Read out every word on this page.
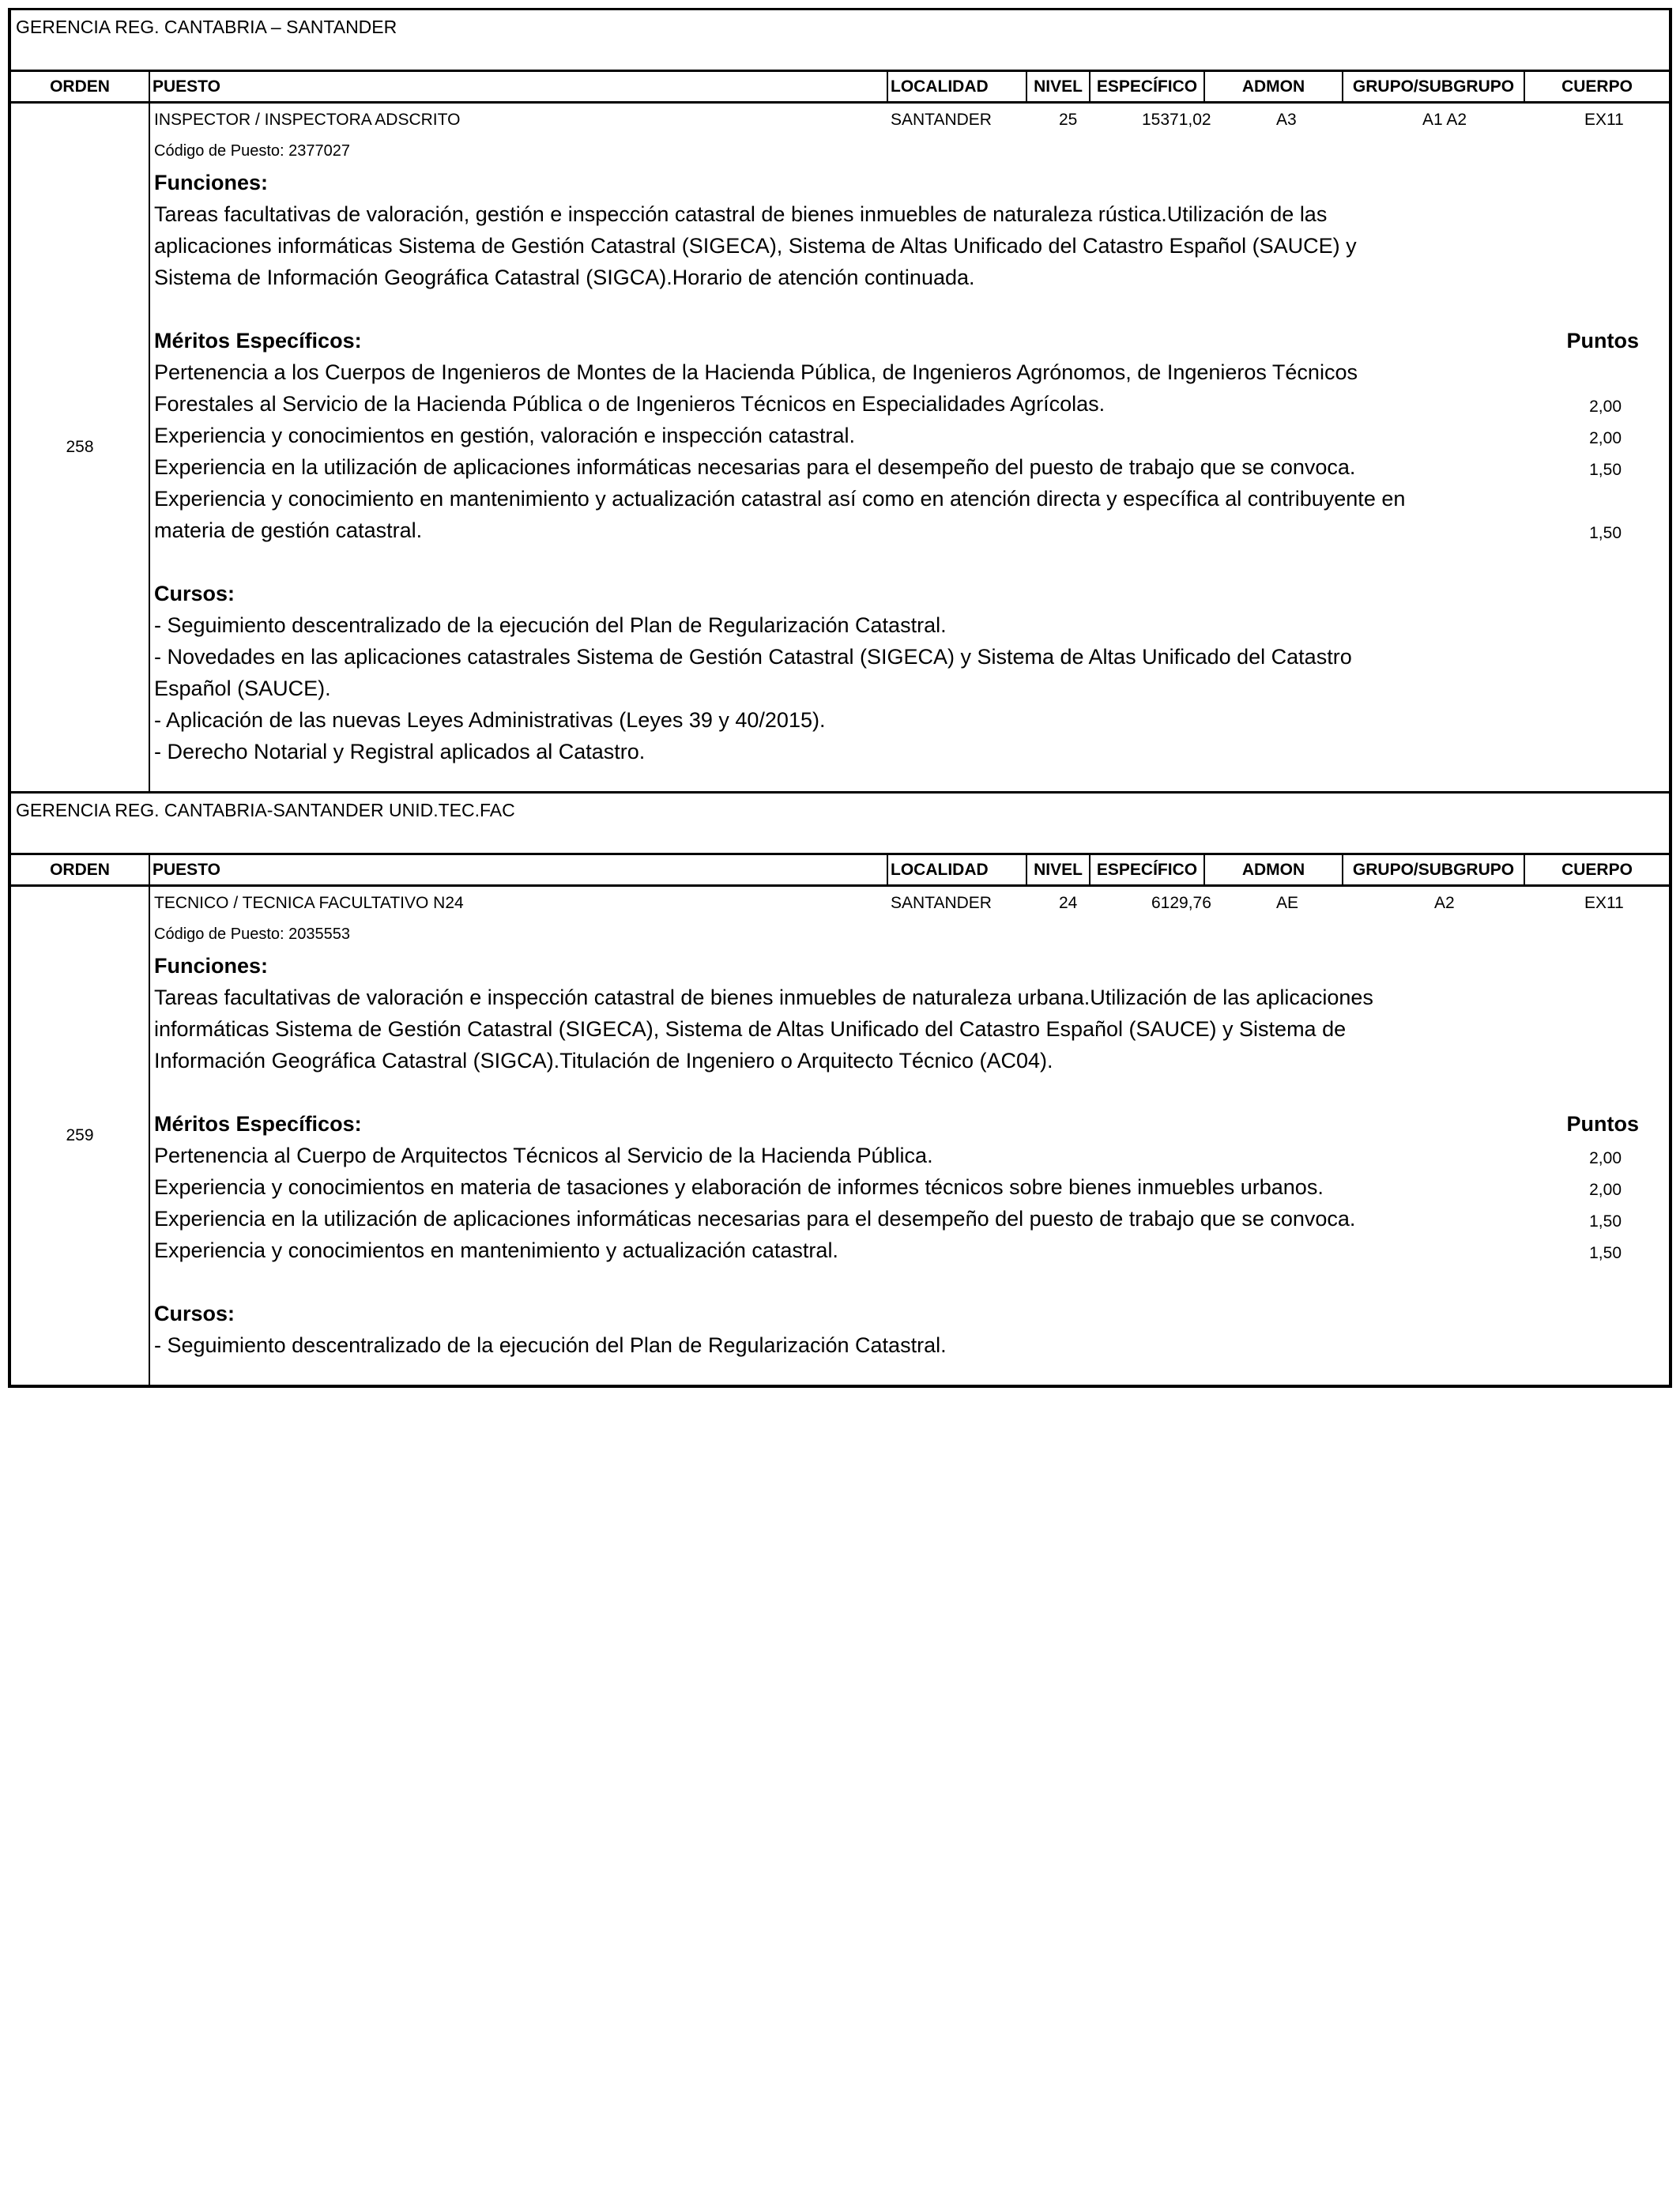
GERENCIA REG. CANTABRIA – SANTANDER
ORDEN	PUESTO	LOCALIDAD	NIVEL ESPECÍFICO	ADMON	GRUPO/SUBGRUPO	CUERPO
258
INSPECTOR / INSPECTORA ADSCRITO	SANTANDER	25	15371,02	A3	A1 A2	EX11
Código de Puesto: 2377027
Funciones:
Tareas facultativas de valoración, gestión e inspección catastral de bienes inmuebles de naturaleza rústica.Utilización de las aplicaciones informáticas Sistema de Gestión Catastral (SIGECA), Sistema de Altas Unificado del Catastro Español (SAUCE) y Sistema de Información Geográfica Catastral (SIGCA).Horario de atención continuada.
Méritos Específicos:	Puntos
Pertenencia a los Cuerpos de Ingenieros de Montes de la Hacienda Pública, de Ingenieros Agrónomos, de Ingenieros Técnicos Forestales al Servicio de la Hacienda Pública o de Ingenieros Técnicos en Especialidades Agrícolas.	2,00
Experiencia y conocimientos en gestión, valoración e inspección catastral.	2,00
Experiencia en la utilización de aplicaciones informáticas necesarias para el desempeño del puesto de trabajo que se convoca.	1,50
Experiencia y conocimiento en mantenimiento y actualización catastral así como en atención directa y específica al contribuyente en materia de gestión catastral.	1,50
Cursos:
- Seguimiento descentralizado de la ejecución del Plan de Regularización Catastral.
- Novedades en las aplicaciones catastrales Sistema de Gestión Catastral (SIGECA) y Sistema de Altas Unificado del Catastro Español (SAUCE).
- Aplicación de las nuevas Leyes Administrativas (Leyes 39 y 40/2015).
- Derecho Notarial y Registral aplicados al Catastro.
GERENCIA REG. CANTABRIA-SANTANDER UNID.TEC.FAC
ORDEN	PUESTO	LOCALIDAD	NIVEL ESPECÍFICO	ADMON	GRUPO/SUBGRUPO	CUERPO
259
TECNICO / TECNICA FACULTATIVO N24	SANTANDER	24	6129,76	AE	A2	EX11
Código de Puesto: 2035553
Funciones:
Tareas facultativas de valoración e inspección catastral de bienes inmuebles de naturaleza urbana.Utilización de las aplicaciones informáticas Sistema de Gestión Catastral (SIGECA), Sistema de Altas Unificado del Catastro Español (SAUCE) y Sistema de Información Geográfica Catastral (SIGCA).Titulación de Ingeniero o Arquitecto Técnico (AC04).
Méritos Específicos:	Puntos
Pertenencia al Cuerpo de Arquitectos Técnicos al Servicio de la Hacienda Pública.	2,00
Experiencia y conocimientos en materia de tasaciones y elaboración de informes técnicos sobre bienes inmuebles urbanos.	2,00
Experiencia en la utilización de aplicaciones informáticas necesarias para el desempeño del puesto de trabajo que se convoca.	1,50
Experiencia y conocimientos en mantenimiento y actualización catastral.	1,50
Cursos:
- Seguimiento descentralizado de la ejecución del Plan de Regularización Catastral.
